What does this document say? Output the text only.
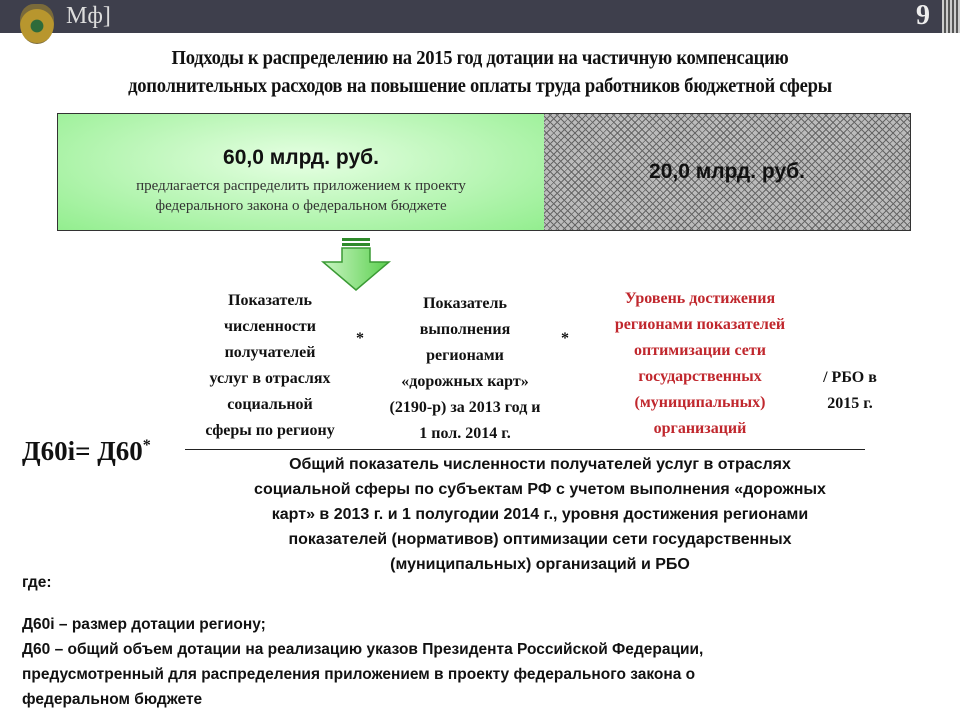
Мф]	9
Подходы к распределению на 2015 год дотации на частичную компенсацию
дополнительных расходов на повышение оплаты труда работников бюджетной сферы
60,0 млрд. руб.
предлагается распределить приложением к проекту
федерального закона о федеральном бюджете
20,0 млрд. руб.
Показатель
численности
получателей
услуг в отраслях
социальной
сферы по региону
*
Показатель
выполнения
регионами
«дорожных карт»
(2190-р) за 2013 год и
1 пол. 2014 г.
*
Уровень достижения
регионами показателей
оптимизации сети
государственных
(муниципальных)
организаций
/ РБО в
2015 г.
Д60i= Д60*
Общий показатель численности получателей услуг в отраслях
социальной сферы по субъектам РФ с учетом выполнения «дорожных
карт» в 2013 г. и 1 полугодии 2014 г., уровня достижения регионами
показателей (нормативов) оптимизации сети государственных
(муниципальных) организаций и РБО
где:
Д60i – размер дотации региону;
Д60 – общий объем дотации на реализацию указов Президента Российской Федерации,
предусмотренный для распределения приложением в проекту федерального закона о
федеральном бюджете
